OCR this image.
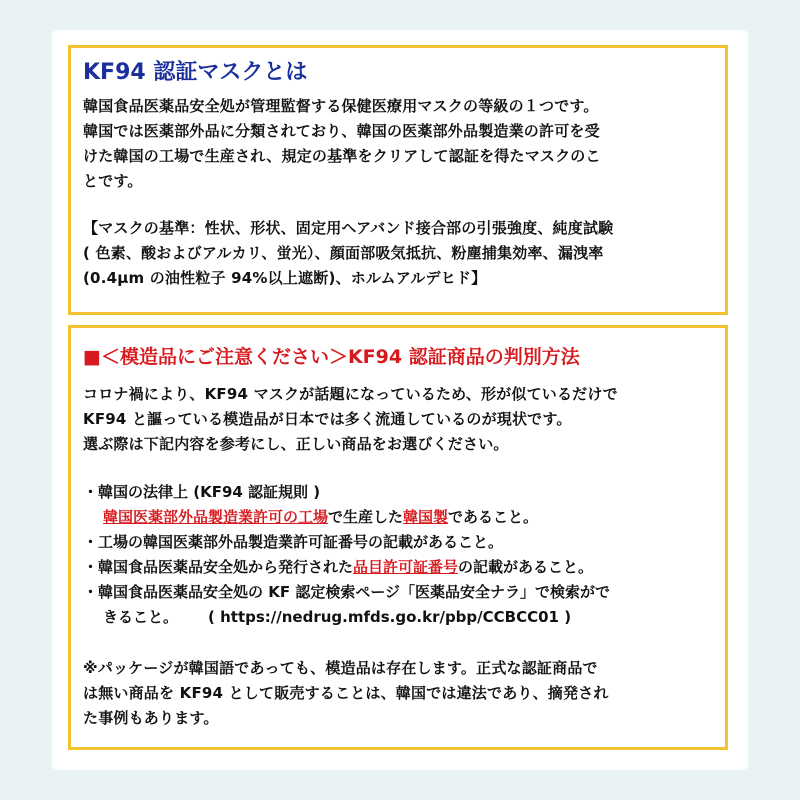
KF94 認証マスクとは
韓国食品医薬品安全処が管理監督する保健医療用マスクの等級の１つです。
韓国では医薬部外品に分類されており、韓国の医薬部外品製造業の許可を受
けた韓国の工場で生産され、規定の基準をクリアして認証を得たマスクのこ
とです。
【マスクの基準：性状、形状、固定用ヘアバンド接合部の引張強度、純度試験
( 色素、酸およびアルカリ、蛍光）、顔面部吸気抵抗、粉塵捕集効率、漏洩率
(0.4μm の油性粒子 94%以上遮断)、ホルムアルデヒド】
■＜模造品にご注意ください＞KF94 認証商品の判別方法
コロナ禍により、KF94 マスクが話題になっているため、形が似ているだけで
KF94 と謳っている模造品が日本では多く流通しているのが現状です。
選ぶ際は下記内容を参考にし、正しい商品をお選びください。
・韓国の法律上 (KF94 認証規則 )
韓国医薬部外品製造業許可の工場で生産した韓国製であること。
・工場の韓国医薬部外品製造業許可証番号の記載があること。
・韓国食品医薬品安全処から発行された品目許可証番号の記載があること。
・韓国食品医薬品安全処の KF 認定検索ページ「医薬品安全ナラ」で検索がで
きること。 ( https://nedrug.mfds.go.kr/pbp/CCBCC01 )
※パッケージが韓国語であっても、模造品は存在します。正式な認証商品で
は無い商品を KF94 として販売することは、韓国では違法であり、摘発され
た事例もあります。
